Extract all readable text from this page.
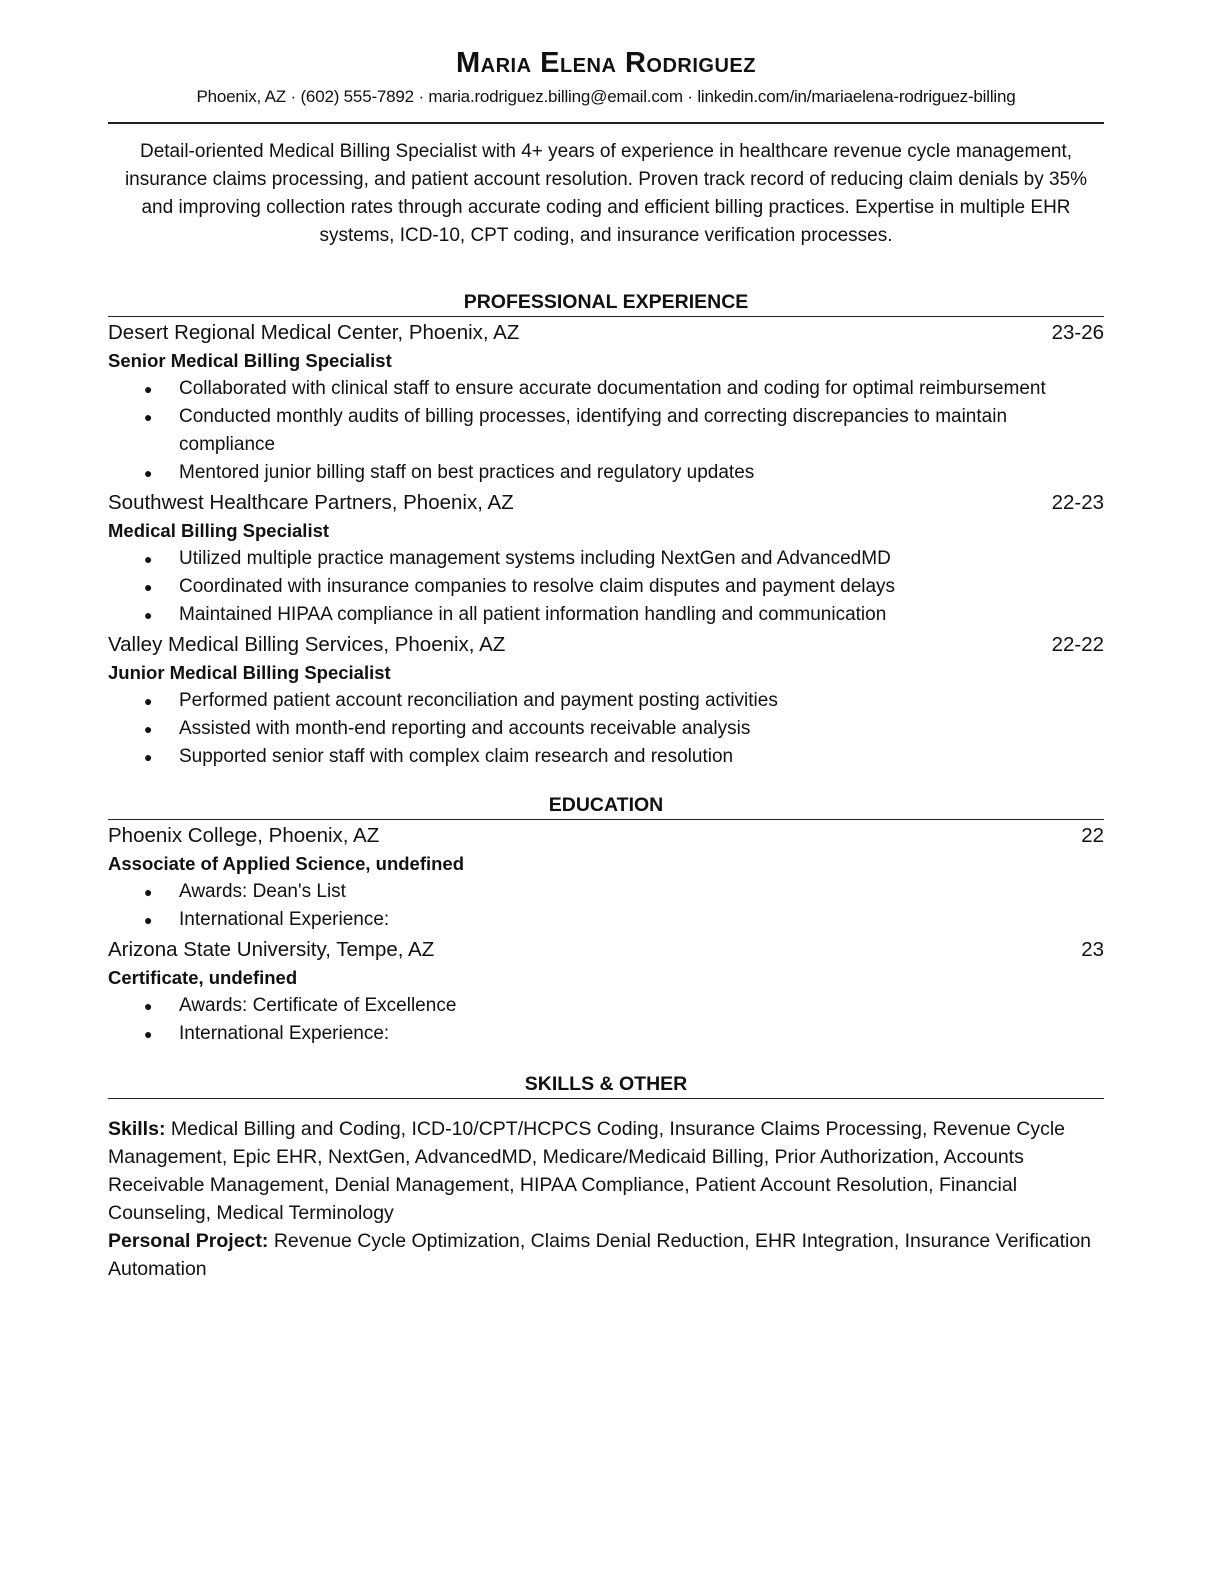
Maria Elena Rodriguez
Phoenix, AZ · (602) 555-7892 · maria.rodriguez.billing@email.com · linkedin.com/in/mariaelena-rodriguez-billing
Detail-oriented Medical Billing Specialist with 4+ years of experience in healthcare revenue cycle management, insurance claims processing, and patient account resolution. Proven track record of reducing claim denials by 35% and improving collection rates through accurate coding and efficient billing practices. Expertise in multiple EHR systems, ICD-10, CPT coding, and insurance verification processes.
PROFESSIONAL EXPERIENCE
Desert Regional Medical Center, Phoenix, AZ	23-26
Senior Medical Billing Specialist
● Collaborated with clinical staff to ensure accurate documentation and coding for optimal reimbursement
● Conducted monthly audits of billing processes, identifying and correcting discrepancies to maintain compliance
● Mentored junior billing staff on best practices and regulatory updates
Southwest Healthcare Partners, Phoenix, AZ	22-23
Medical Billing Specialist
● Utilized multiple practice management systems including NextGen and AdvancedMD
● Coordinated with insurance companies to resolve claim disputes and payment delays
● Maintained HIPAA compliance in all patient information handling and communication
Valley Medical Billing Services, Phoenix, AZ	22-22
Junior Medical Billing Specialist
● Performed patient account reconciliation and payment posting activities
● Assisted with month-end reporting and accounts receivable analysis
● Supported senior staff with complex claim research and resolution
EDUCATION
Phoenix College, Phoenix, AZ	22
Associate of Applied Science, undefined
● Awards: Dean's List
● International Experience:
Arizona State University, Tempe, AZ	23
Certificate, undefined
● Awards: Certificate of Excellence
● International Experience:
SKILLS & OTHER
Skills: Medical Billing and Coding, ICD-10/CPT/HCPCS Coding, Insurance Claims Processing, Revenue Cycle Management, Epic EHR, NextGen, AdvancedMD, Medicare/Medicaid Billing, Prior Authorization, Accounts Receivable Management, Denial Management, HIPAA Compliance, Patient Account Resolution, Financial Counseling, Medical Terminology
Personal Project: Revenue Cycle Optimization, Claims Denial Reduction, EHR Integration, Insurance Verification Automation
